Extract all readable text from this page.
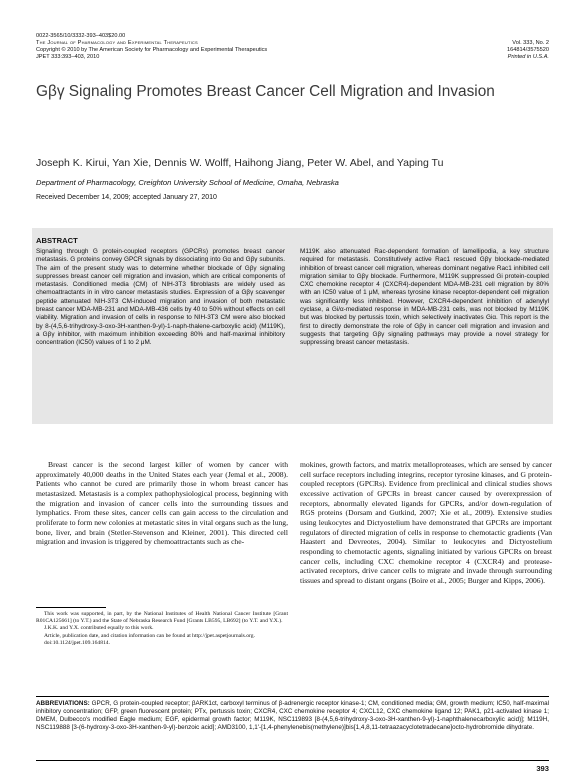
0022-3565/10/3332-393–403$20.00
The Journal of Pharmacology and Experimental Therapeutics
Copyright © 2010 by The American Society for Pharmacology and Experimental Therapeutics
JPET 333:393–403, 2010

Vol. 333, No. 2
164814/3575520
Printed in U.S.A.
Gβγ Signaling Promotes Breast Cancer Cell Migration and Invasion
Joseph K. Kirui, Yan Xie, Dennis W. Wolff, Haihong Jiang, Peter W. Abel, and Yaping Tu
Department of Pharmacology, Creighton University School of Medicine, Omaha, Nebraska
Received December 14, 2009; accepted January 27, 2010
ABSTRACT
Signaling through G protein-coupled receptors (GPCRs) promotes breast cancer metastasis. G proteins convey GPCR signals by dissociating into Gα and Gβγ subunits. The aim of the present study was to determine whether blockade of Gβγ signaling suppresses breast cancer cell migration and invasion, which are critical components of metastasis. Conditioned media (CM) of NIH-3T3 fibroblasts are widely used as chemoattractants in in vitro cancer metastasis studies. Expression of a Gβγ scavenger peptide attenuated NIH-3T3 CM-induced migration and invasion of both metastatic breast cancer MDA-MB-231 and MDA-MB-436 cells by 40 to 50% without effects on cell viability. Migration and invasion of cells in response to NIH-3T3 CM were also blocked by 8-(4,5,6-trihydroxy-3-oxo-3H-xanthen-9-yl)-1-naph-thalene-carboxylic acid) (M119K), a Gβγ inhibitor, with maximum inhibition exceeding 80% and half-maximal inhibitory concentration (IC50) values of 1 to 2 μM.
M119K also attenuated Rac-dependent formation of lamellipodia, a key structure required for metastasis. Constitutively active Rac1 rescued Gβγ blockade-mediated inhibition of breast cancer cell migration, whereas dominant negative Rac1 inhibited cell migration similar to Gβγ blockade. Furthermore, M119K suppressed Gi protein-coupled CXC chemokine receptor 4 (CXCR4)-dependent MDA-MB-231 cell migration by 80% with an IC50 value of 1 μM, whereas tyrosine kinase receptor-dependent cell migration was significantly less inhibited. However, CXCR4-dependent inhibition of adenylyl cyclase, a Gi/α-mediated response in MDA-MB-231 cells, was not blocked by M119K but was blocked by pertussis toxin, which selectively inactivates Giα. This report is the first to directly demonstrate the role of Gβγ in cancer cell migration and invasion and suggests that targeting Gβγ signaling pathways may provide a novel strategy for suppressing breast cancer metastasis.
Breast cancer is the second largest killer of women by cancer with approximately 40,000 deaths in the United States each year (Jemal et al., 2008). Patients who cannot be cured are primarily those in whom breast cancer has metastasized. Metastasis is a complex pathophysiological process, beginning with the migration and invasion of cancer cells into the surrounding tissues and lymphatics. From these sites, cancer cells can gain access to the circulation and proliferate to form new colonies at metastatic sites in vital organs such as the lung, bone, liver, and brain (Stetler-Stevenson and Kleiner, 2001). This directed cell migration and invasion is triggered by chemoattractants such as che-
mokines, growth factors, and matrix metalloproteases, which are sensed by cancer cell surface receptors including integrins, receptor tyrosine kinases, and G protein-coupled receptors (GPCRs). Evidence from preclinical and clinical studies shows excessive activation of GPCRs in breast cancer caused by overexpression of receptors, abnormally elevated ligands for GPCRs, and/or down-regulation of RGS proteins (Dorsam and Gutkind, 2007; Xie et al., 2009). Extensive studies using leukocytes and Dictyostelium have demonstrated that GPCRs are important regulators of directed migration of cells in response to chemotactic gradients (Van Haastert and Devreotes, 2004). Similar to leukocytes and Dictyostelium responding to chemotactic agents, signaling initiated by various GPCRs on breast cancer cells, including CXC chemokine receptor 4 (CXCR4) and protease-activated receptors, drive cancer cells to migrate and invade through surrounding tissues and spread to distant organs (Boire et al., 2005; Burger and Kipps, 2006).

This work was supported, in part, by the National Institutes of Health National Cancer Institute [Grant R01CA125661] (to Y.T.) and the State of Nebraska Research Fund [Grants LB595, LB692] (to Y.T. and Y.X.).

J.K.K. and Y.X. contributed equally to this work.

Article, publication date, and citation information can be found at http://jpet.aspetjournals.org.

doi:10.1124/jpet.109.164814.

ABBREVIATIONS: GPCR, G protein-coupled receptor; βARK1ct, carboxyl terminus of β-adrenergic receptor kinase-1; CM, conditioned media; GM, growth medium; IC50, half-maximal inhibitory concentration; GFP, green fluorescent protein; PTx, pertussis toxin; CXCR4, CXC chemokine receptor 4; CXCL12, CXC chemokine ligand 12; PAK1, p21-activated kinase 1; DMEM, Dulbecco's modified Eagle medium; EGF, epidermal growth factor; M119K, NSC119893 [8-(4,5,6-trihydroxy-3-oxo-3H-xanthen-9-yl)-1-naphthalenecarboxylic acid)]; M119H, NSC119888 [3-(6-hydroxy-3-oxo-3H-xanthen-9-yl)-benzoic acid]; AMD3100, 1,1'-[1,4-phenylenebis(methylene)]bis[1,4,8,11-tetraazacyclotetradecane]octo-hydrobromide dihydrate.
393
